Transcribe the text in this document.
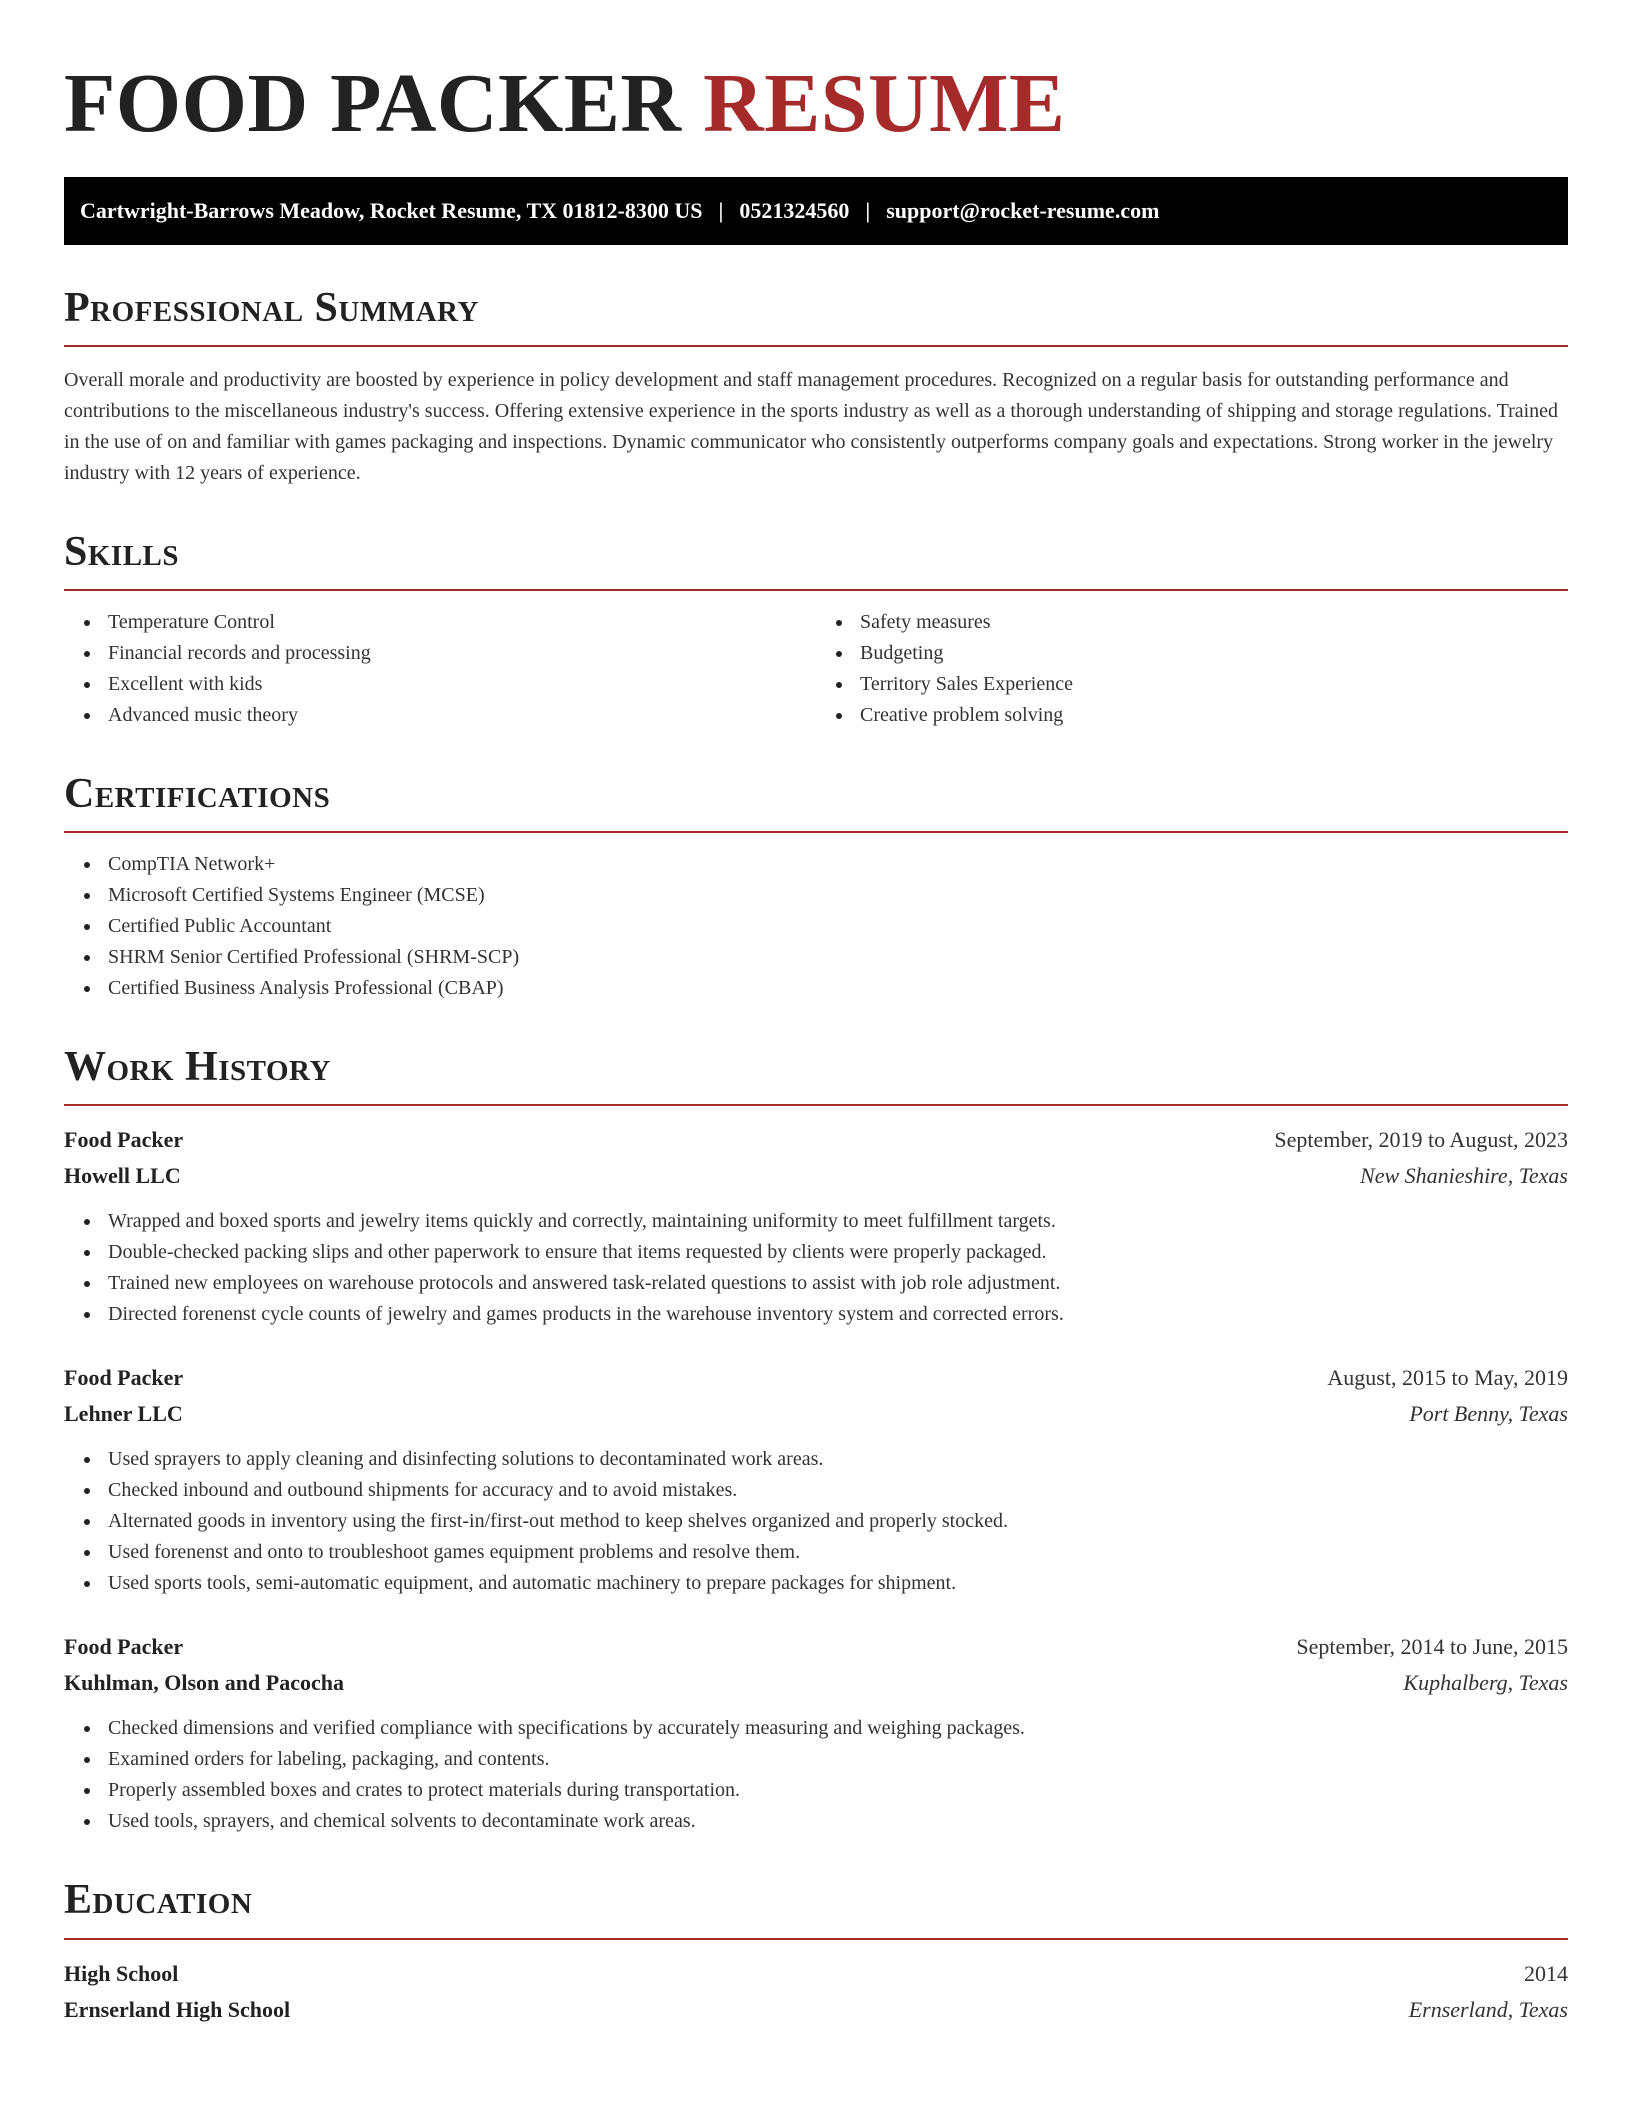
FOOD PACKER RESUME
Cartwright-Barrows Meadow, Rocket Resume, TX 01812-8300 US | 0521324560 | support@rocket-resume.com
Professional Summary

Overall morale and productivity are boosted by experience in policy development and staff management procedures. Recognized on a regular basis for outstanding performance and contributions to the miscellaneous industry's success. Offering extensive experience in the sports industry as well as a thorough understanding of shipping and storage regulations. Trained in the use of on and familiar with games packaging and inspections. Dynamic communicator who consistently outperforms company goals and expectations. Strong worker in the jewelry industry with 12 years of experience.

Skills
Temperature Control
Financial records and processing
Excellent with kids
Advanced music theory
Safety measures
Budgeting
Territory Sales Experience
Creative problem solving
Certifications
CompTIA Network+
Microsoft Certified Systems Engineer (MCSE)
Certified Public Accountant
SHRM Senior Certified Professional (SHRM-SCP)
Certified Business Analysis Professional (CBAP)
Work History
Food Packer	September, 2019 to August, 2023
Howell LLC	New Shanieshire, Texas
Wrapped and boxed sports and jewelry items quickly and correctly, maintaining uniformity to meet fulfillment targets.
Double-checked packing slips and other paperwork to ensure that items requested by clients were properly packaged.
Trained new employees on warehouse protocols and answered task-related questions to assist with job role adjustment.
Directed forenenst cycle counts of jewelry and games products in the warehouse inventory system and corrected errors.
Food Packer	August, 2015 to May, 2019
Lehner LLC	Port Benny, Texas
Used sprayers to apply cleaning and disinfecting solutions to decontaminated work areas.
Checked inbound and outbound shipments for accuracy and to avoid mistakes.
Alternated goods in inventory using the first-in/first-out method to keep shelves organized and properly stocked.
Used forenenst and onto to troubleshoot games equipment problems and resolve them.
Used sports tools, semi-automatic equipment, and automatic machinery to prepare packages for shipment.
Food Packer	September, 2014 to June, 2015
Kuhlman, Olson and Pacocha	Kuphalberg, Texas
Checked dimensions and verified compliance with specifications by accurately measuring and weighing packages.
Examined orders for labeling, packaging, and contents.
Properly assembled boxes and crates to protect materials during transportation.
Used tools, sprayers, and chemical solvents to decontaminate work areas.
Education
High School	2014
Ernserland High School	Ernserland, Texas
